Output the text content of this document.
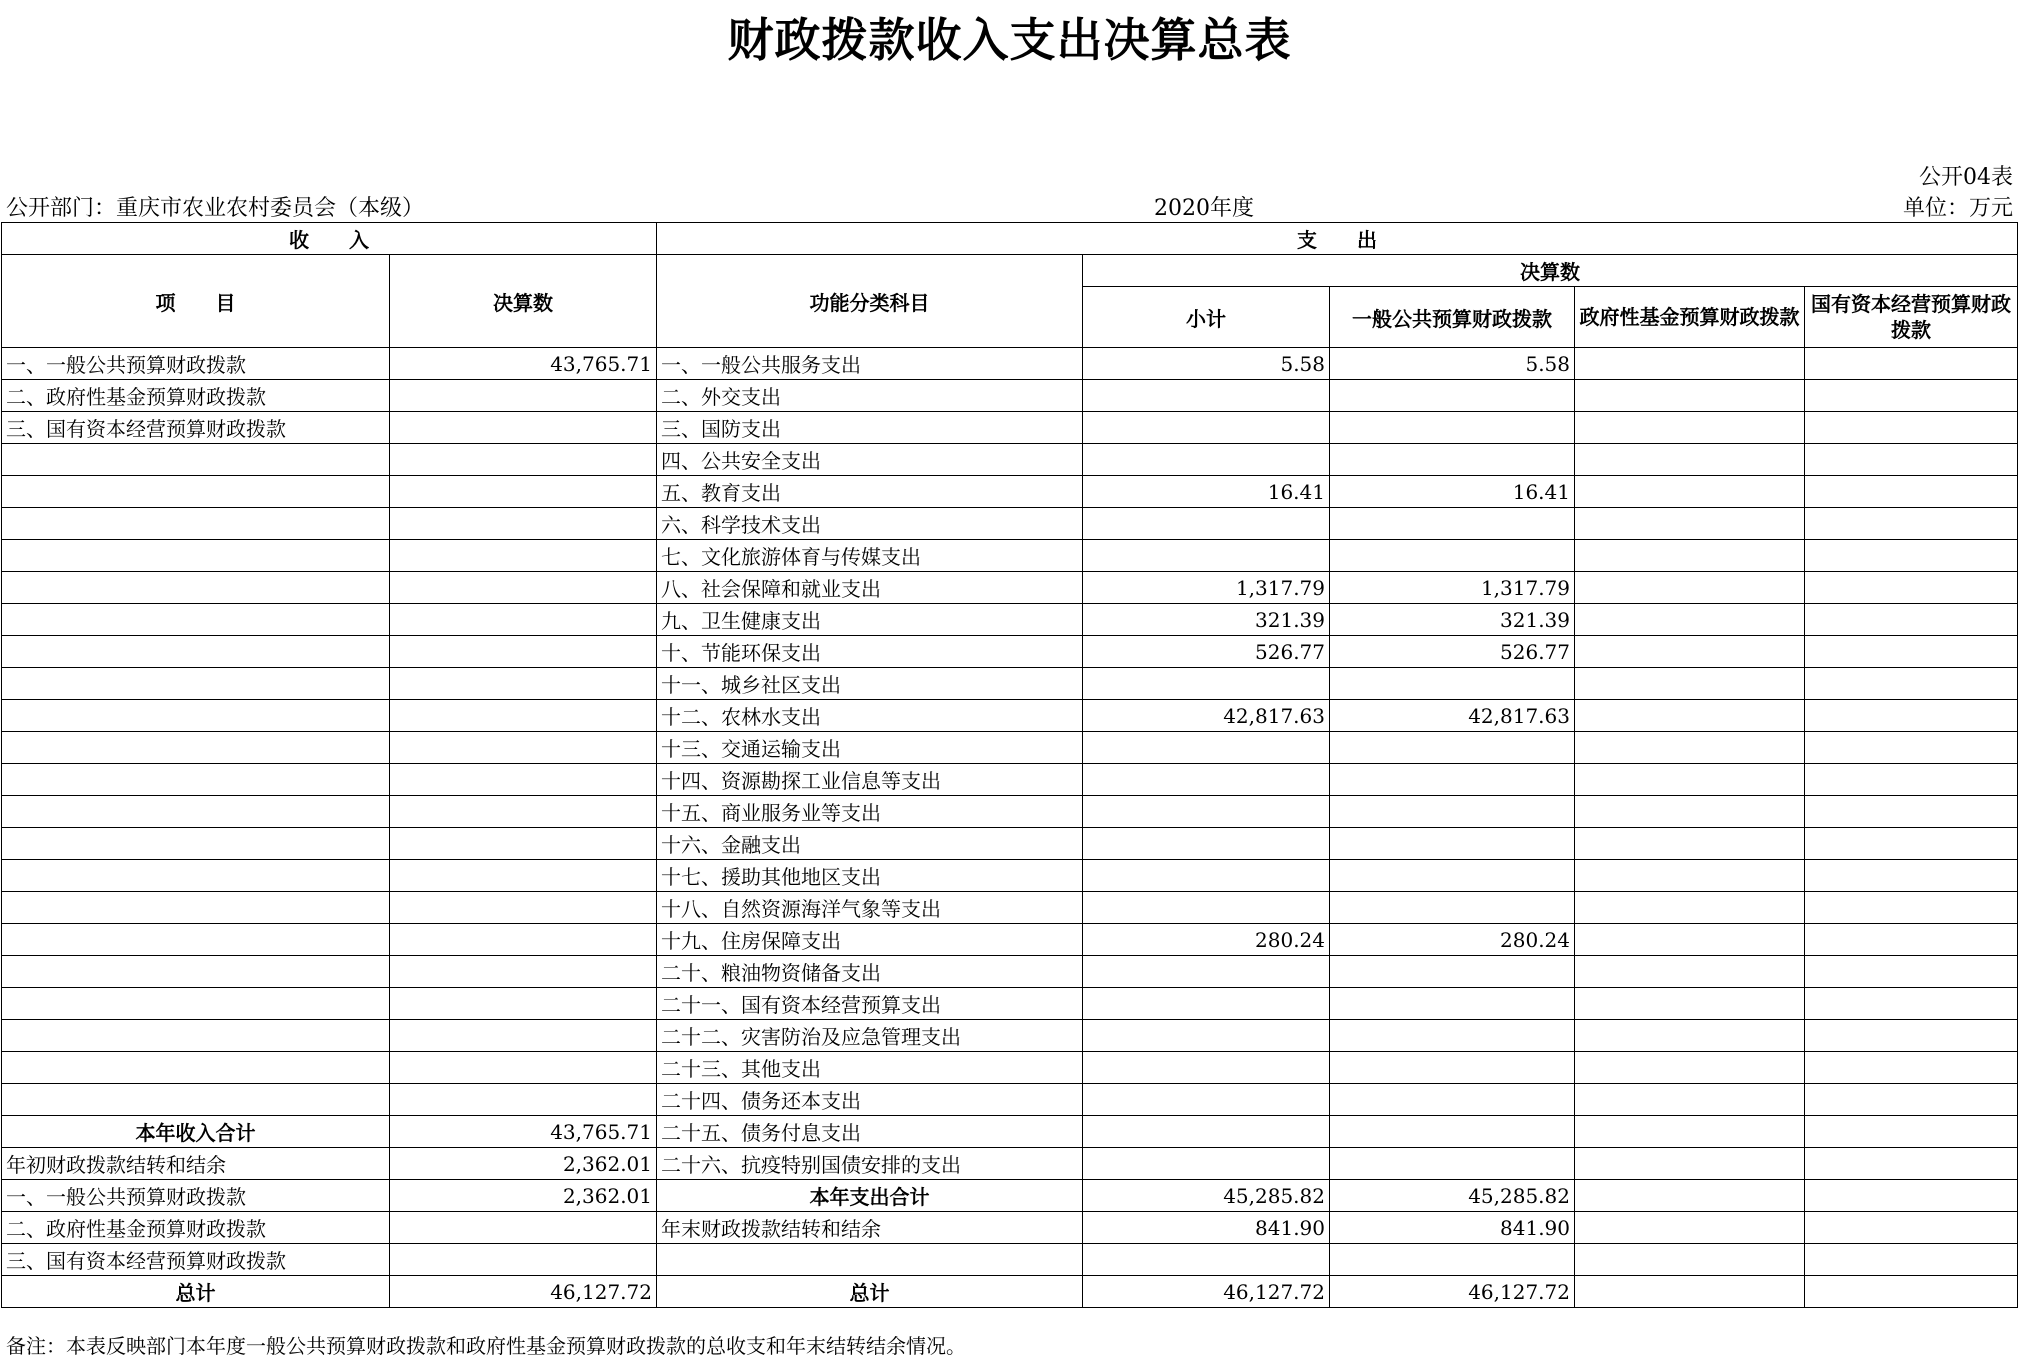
财政拨款收入支出决算总表
公开04表
公开部门：重庆市农业农村委员会（本级）	2020年度	单位：万元
收　　入		支　　出				
项　　目	决算数	功能分类科目	决算数			
			小计	一般公共预算财政拨款	政府性基金预算财政拨款	国有资本经营预算财政拨款
一、一般公共预算财政拨款	43,765.71	一、一般公共服务支出	5.58	5.58		
二、政府性基金预算财政拨款		二、外交支出				
三、国有资本经营预算财政拨款		三、国防支出				
		四、公共安全支出				
		五、教育支出	16.41	16.41		
		六、科学技术支出				
		七、文化旅游体育与传媒支出				
		八、社会保障和就业支出	1,317.79	1,317.79		
		九、卫生健康支出	321.39	321.39		
		十、节能环保支出	526.77	526.77		
		十一、城乡社区支出				
		十二、农林水支出	42,817.63	42,817.63		
		十三、交通运输支出				
		十四、资源勘探工业信息等支出				
		十五、商业服务业等支出				
		十六、金融支出				
		十七、援助其他地区支出				
		十八、自然资源海洋气象等支出				
		十九、住房保障支出	280.24	280.24		
		二十、粮油物资储备支出				
		二十一、国有资本经营预算支出				
		二十二、灾害防治及应急管理支出				
		二十三、其他支出				
		二十四、债务还本支出				
本年收入合计	43,765.71	二十五、债务付息支出				
年初财政拨款结转和结余	2,362.01	二十六、抗疫特别国债安排的支出				
一、一般公共预算财政拨款	2,362.01	本年支出合计	45,285.82	45,285.82		
二、政府性基金预算财政拨款		年末财政拨款结转和结余	841.90	841.90		
三、国有资本经营预算财政拨款						
总计	46,127.72	总计	46,127.72	46,127.72		
备注：本表反映部门本年度一般公共预算财政拨款和政府性基金预算财政拨款的总收支和年末结转结余情况。
